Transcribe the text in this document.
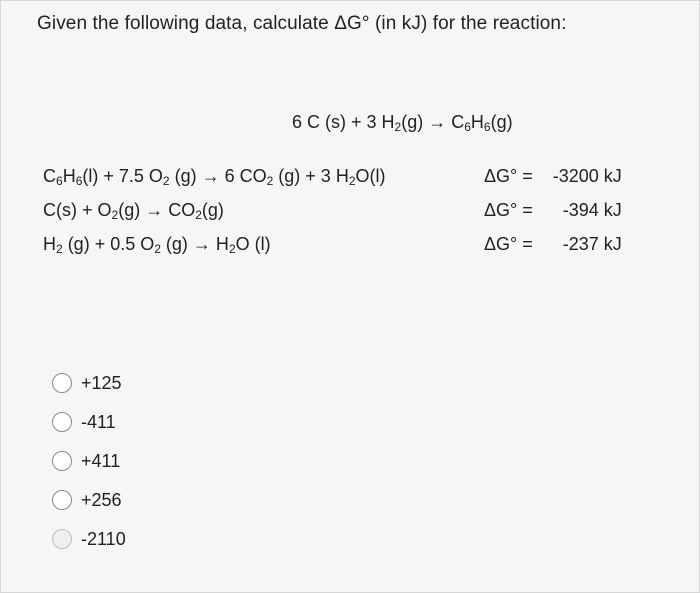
Given the following data, calculate ΔG° (in kJ) for the reaction:
6 C (s) + 3 $H_2(g) \to C_6H_6(g)$
$C_6H_6(l) + 7.5$ $O_2$ (g) → 6 $CO_2$ (g) + 3 $H_2O(l)$
$C(s) + O_2(g) \to CO_2(g)$
$H_2$ (g) + 0.5 $O_2$ $(g) \to H_2O$ (l)
ΔG° = -3200 kJ
ΔG° = -394 kJ
ΔG° = -237 kJ
+125
-411
+411
+256
-2110
